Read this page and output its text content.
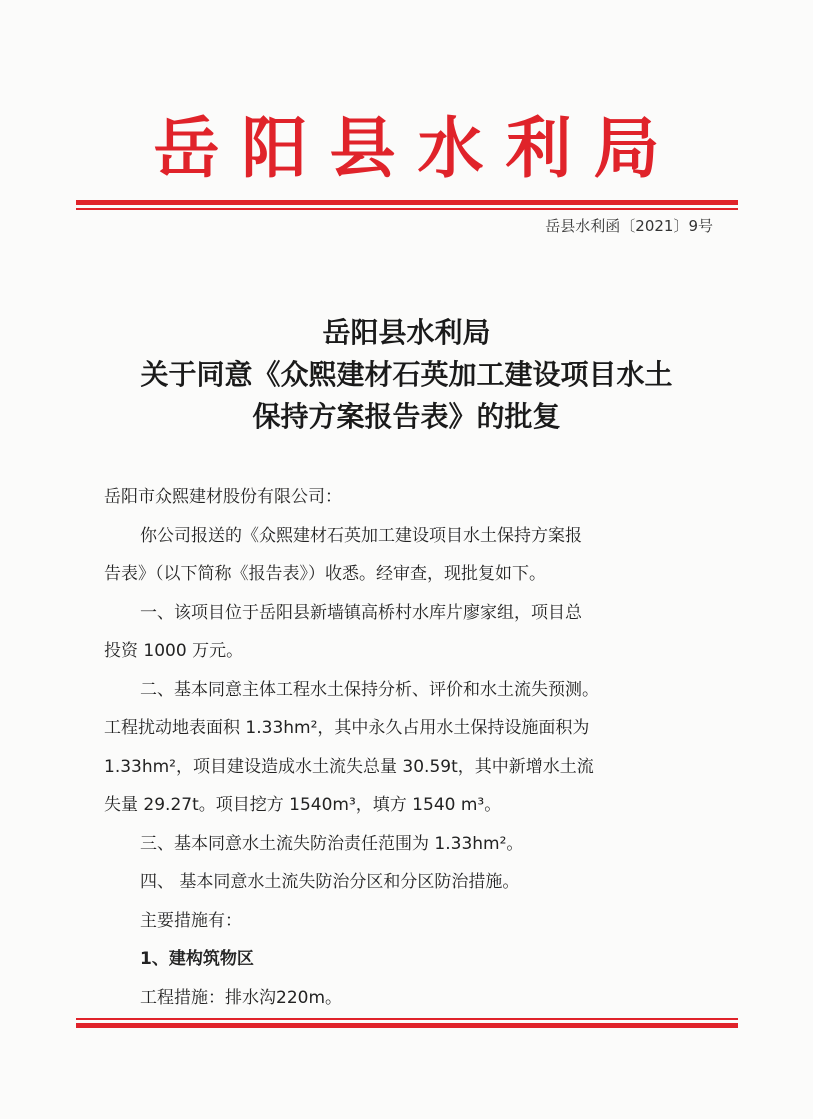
岳阳县水利局
岳县水利函〔2021〕9号
岳阳县水利局
关于同意《众熙建材石英加工建设项目水土
保持方案报告表》的批复

岳阳市众熙建材股份有限公司：

你公司报送的《众熙建材石英加工建设项目水土保持方案报

告表》（以下简称《报告表》）收悉。经审查，现批复如下。

一、该项目位于岳阳县新墙镇高桥村水库片廖家组，项目总

投资 1000 万元。

二、基本同意主体工程水土保持分析、评价和水土流失预测。

工程扰动地表面积 1.33hm²，其中永久占用水土保持设施面积为

1.33hm²，项目建设造成水土流失总量 30.59t，其中新增水土流

失量 29.27t。项目挖方 1540m³，填方 1540 m³。

三、基本同意水土流失防治责任范围为 1.33hm²。

四、 基本同意水土流失防治分区和分区防治措施。

主要措施有：

1、建构筑物区

工程措施：排水沟220m。
